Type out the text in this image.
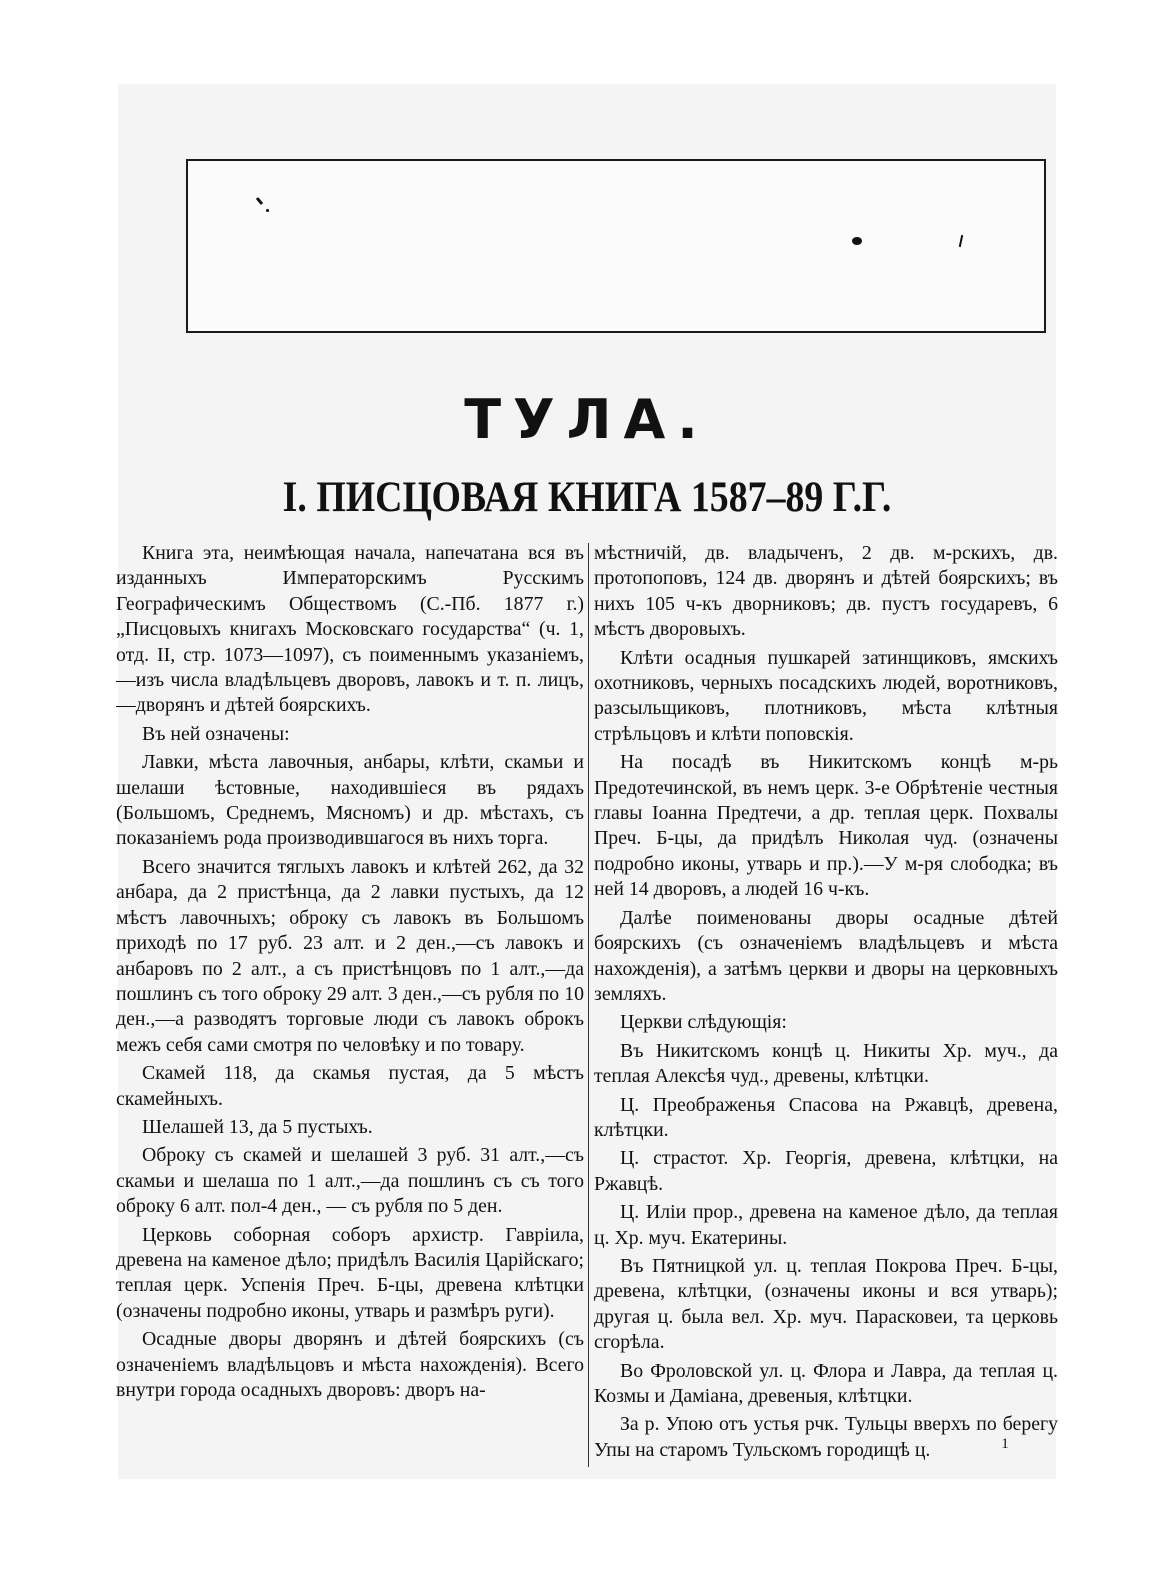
ТУЛА.
I. ПИСЦОВАЯ КНИГА 1587–89 Г.Г.

Книга эта, неимѣющая начала, напечатана вся въ изданныхъ Императорскимъ Русскимъ Географическимъ Обществомъ (С.-Пб. 1877 г.) „Писцовыхъ книгахъ Московскаго государства“ (ч. 1, отд. II, стр. 1073—1097), съ поименнымъ указаніемъ,—изъ числа владѣльцевъ дворовъ, лавокъ и т. п. лицъ,—дворянъ и дѣтей боярскихъ.

Въ ней означены:

Лавки, мѣста лавочныя, анбары, клѣти, скамьи и шелаши ѣстовные, находившіеся въ рядахъ (Большомъ, Среднемъ, Мясномъ) и др. мѣстахъ, съ показаніемъ рода производившагося въ нихъ торга.

Всего значится тяглыхъ лавокъ и клѣтей 262, да 32 анбара, да 2 пристѣнца, да 2 лавки пустыхъ, да 12 мѣстъ лавочныхъ; оброку съ лавокъ въ Большомъ приходѣ по 17 руб. 23 алт. и 2 ден.,—съ лавокъ и анбаровъ по 2 алт., а съ пристѣнцовъ по 1 алт.,—да пошлинъ съ того оброку 29 алт. 3 ден.,—съ рубля по 10 ден.,—а разводятъ торговые люди съ лавокъ оброкъ межъ себя сами смотря по человѣку и по товару.

Скамей 118, да скамья пустая, да 5 мѣстъ скамейныхъ.

Шелашей 13, да 5 пустыхъ.

Оброку съ скамей и шелашей 3 руб. 31 алт.,—съ скамьи и шелаша по 1 алт.,—да пошлинъ съ съ того оброку 6 алт. пол-4 ден., — съ рубля по 5 ден.

Церковь соборная соборъ архистр. Гавріила, древена на каменое дѣло; придѣлъ Василія Царійскаго; теплая церк. Успенія Преч. Б-цы, древена клѣтцки (означены подробно иконы, утварь и размѣръ руги).

Осадные дворы дворянъ и дѣтей боярскихъ (съ означеніемъ владѣльцовъ и мѣста нахожденія). Всего внутри города осадныхъ дворовъ: дворъ на-

мѣстничій, дв. владыченъ, 2 дв. м-рскихъ, дв. протопоповъ, 124 дв. дворянъ и дѣтей боярскихъ; въ нихъ 105 ч-къ дворниковъ; дв. пустъ государевъ, 6 мѣстъ дворовыхъ.

Клѣти осадныя пушкарей затинщиковъ, ямскихъ охотниковъ, черныхъ посадскихъ людей, воротниковъ, разсыльщиковъ, плотниковъ, мѣста клѣтныя стрѣльцовъ и клѣти поповскія.

На посадѣ въ Никитскомъ концѣ м-рь Предотечинской, въ немъ церк. 3-е Обрѣтеніе честныя главы Іоанна Предтечи, а др. теплая церк. Похвалы Преч. Б-цы, да придѣлъ Николая чуд. (означены подробно иконы, утварь и пр.).—У м-ря слободка; въ ней 14 дворовъ, а людей 16 ч-къ.

Далѣе поименованы дворы осадные дѣтей боярскихъ (съ означеніемъ владѣльцевъ и мѣста нахожденія), а затѣмъ церкви и дворы на церковныхъ земляхъ.

Церкви слѣдующія:

Въ Никитскомъ концѣ ц. Никиты Хр. муч., да теплая Алексѣя чуд., древены, клѣтцки.

Ц. Преображенья Спасова на Ржавцѣ, древена, клѣтцки.

Ц. страстот. Хр. Георгія, древена, клѣтцки, на Ржавцѣ.

Ц. Иліи прор., древена на каменое дѣло, да теплая ц. Хр. муч. Екатерины.

Въ Пятницкой ул. ц. теплая Покрова Преч. Б-цы, древена, клѣтцки, (означены иконы и вся утварь); другая ц. была вел. Хр. муч. Парасковеи, та церковь сгорѣла.

Во Фроловской ул. ц. Флора и Лавра, да теплая ц. Козмы и Дамiана, древеныя, клѣтцки.

За р. Упою отъ устья рчк. Тульцы вверхъ по берегу Упы на старомъ Тульскомъ городищѣ ц.	1
